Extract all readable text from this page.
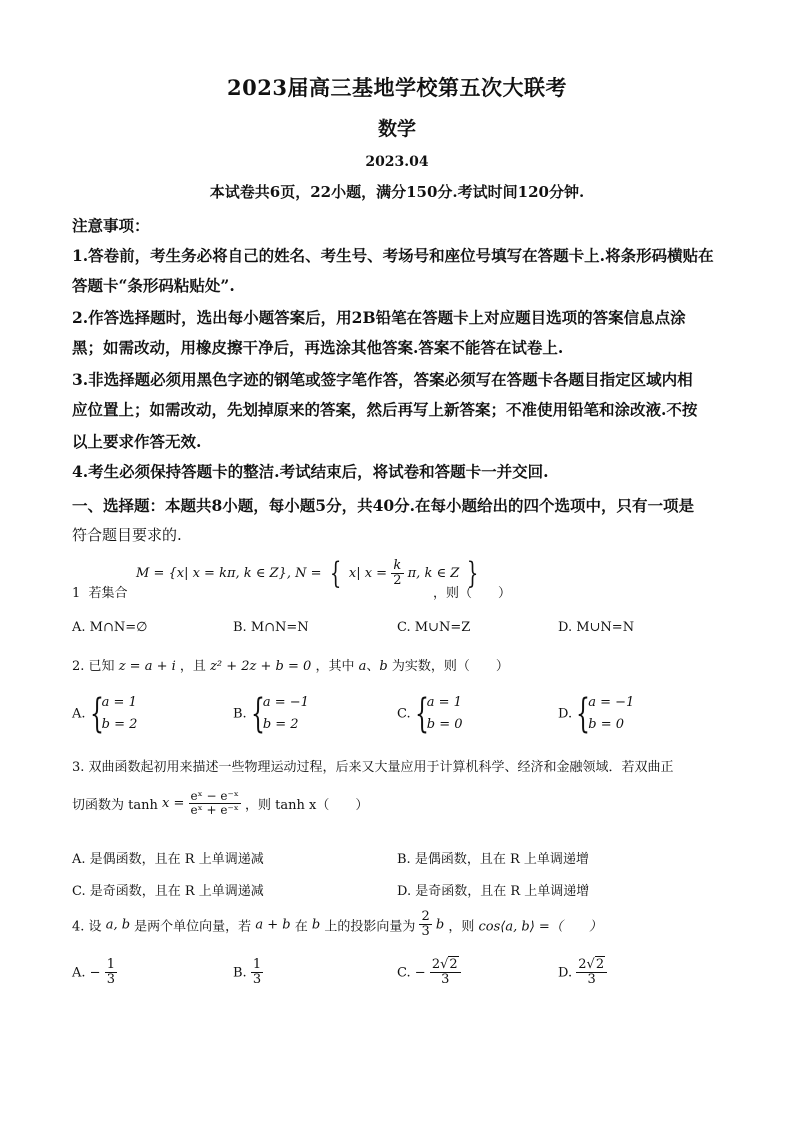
2023届高三基地学校第五次大联考
数学
2023.04
本试卷共6页，22小题，满分150分.考试时间120分钟.
注意事项：
1.答卷前，考生务必将自己的姓名、考生号、考场号和座位号填写在答题卡上.将条形码横贴在
答题卡“条形码粘贴处”.
2.作答选择题时，选出每小题答案后，用2B铅笔在答题卡上对应题目选项的答案信息点涂
黑；如需改动，用橡皮擦干净后，再选涂其他答案.答案不能答在试卷上.
3.非选择题必须用黑色字迹的钢笔或签字笔作答，答案必须写在答题卡各题目指定区域内相
应位置上；如需改动，先划掉原来的答案，然后再写上新答案；不准使用铅笔和涂改液.不按
以上要求作答无效.
4.考生必须保持答题卡的整洁.考试结束后，将试卷和答题卡一并交回.
一、选择题：本题共8小题，每小题5分，共40分.在每小题给出的四个选项中，只有一项是
符合题目要求的.
1 若集合
M = {x| x = kπ, k ∈ Z}, N = { x| $x = \frac{k}{2} \pi$, k ∈ Z }
，则（　　）
A. M∩N=∅	B. M∩N=N	C. M∪N=Z	D. M∪N=N
2. 已知 z = a + i ，且 z² + 2z + b = 0 ，其中 a、b 为实数，则（　　）
A. {
a = 1
b = 2
B. {
a = −1
b = 2
C. {
a = 1
b = 0
D. {
a = −1
b = 0
3. 双曲函数起初用来描述一些物理运动过程，后来又大量应用于计算机科学、经济和金融领域．若双曲正
切函数为 $\tanh x = \frac{\text{eˣ − e⁻ˣ}}{\text{eˣ + e⁻ˣ}}$ ，则 tanh x（　　）
A. 是偶函数，且在 R 上单调递减	B. 是偶函数，且在 R 上单调递增
C. 是奇函数，且在 R 上单调递减	D. 是奇函数，且在 R 上单调递增
4. 设 a, b 是两个单位向量，若 a + b 在 b 上的投影向量为 $\frac{2}{3}$ b ，则 cos⟨a, b⟩ =（　　）
A. − $\frac{1}{3}$	B. $\frac{1}{3}$	C. − $\frac{2√2}{3}$	D. $\frac{2√2}{3}$
